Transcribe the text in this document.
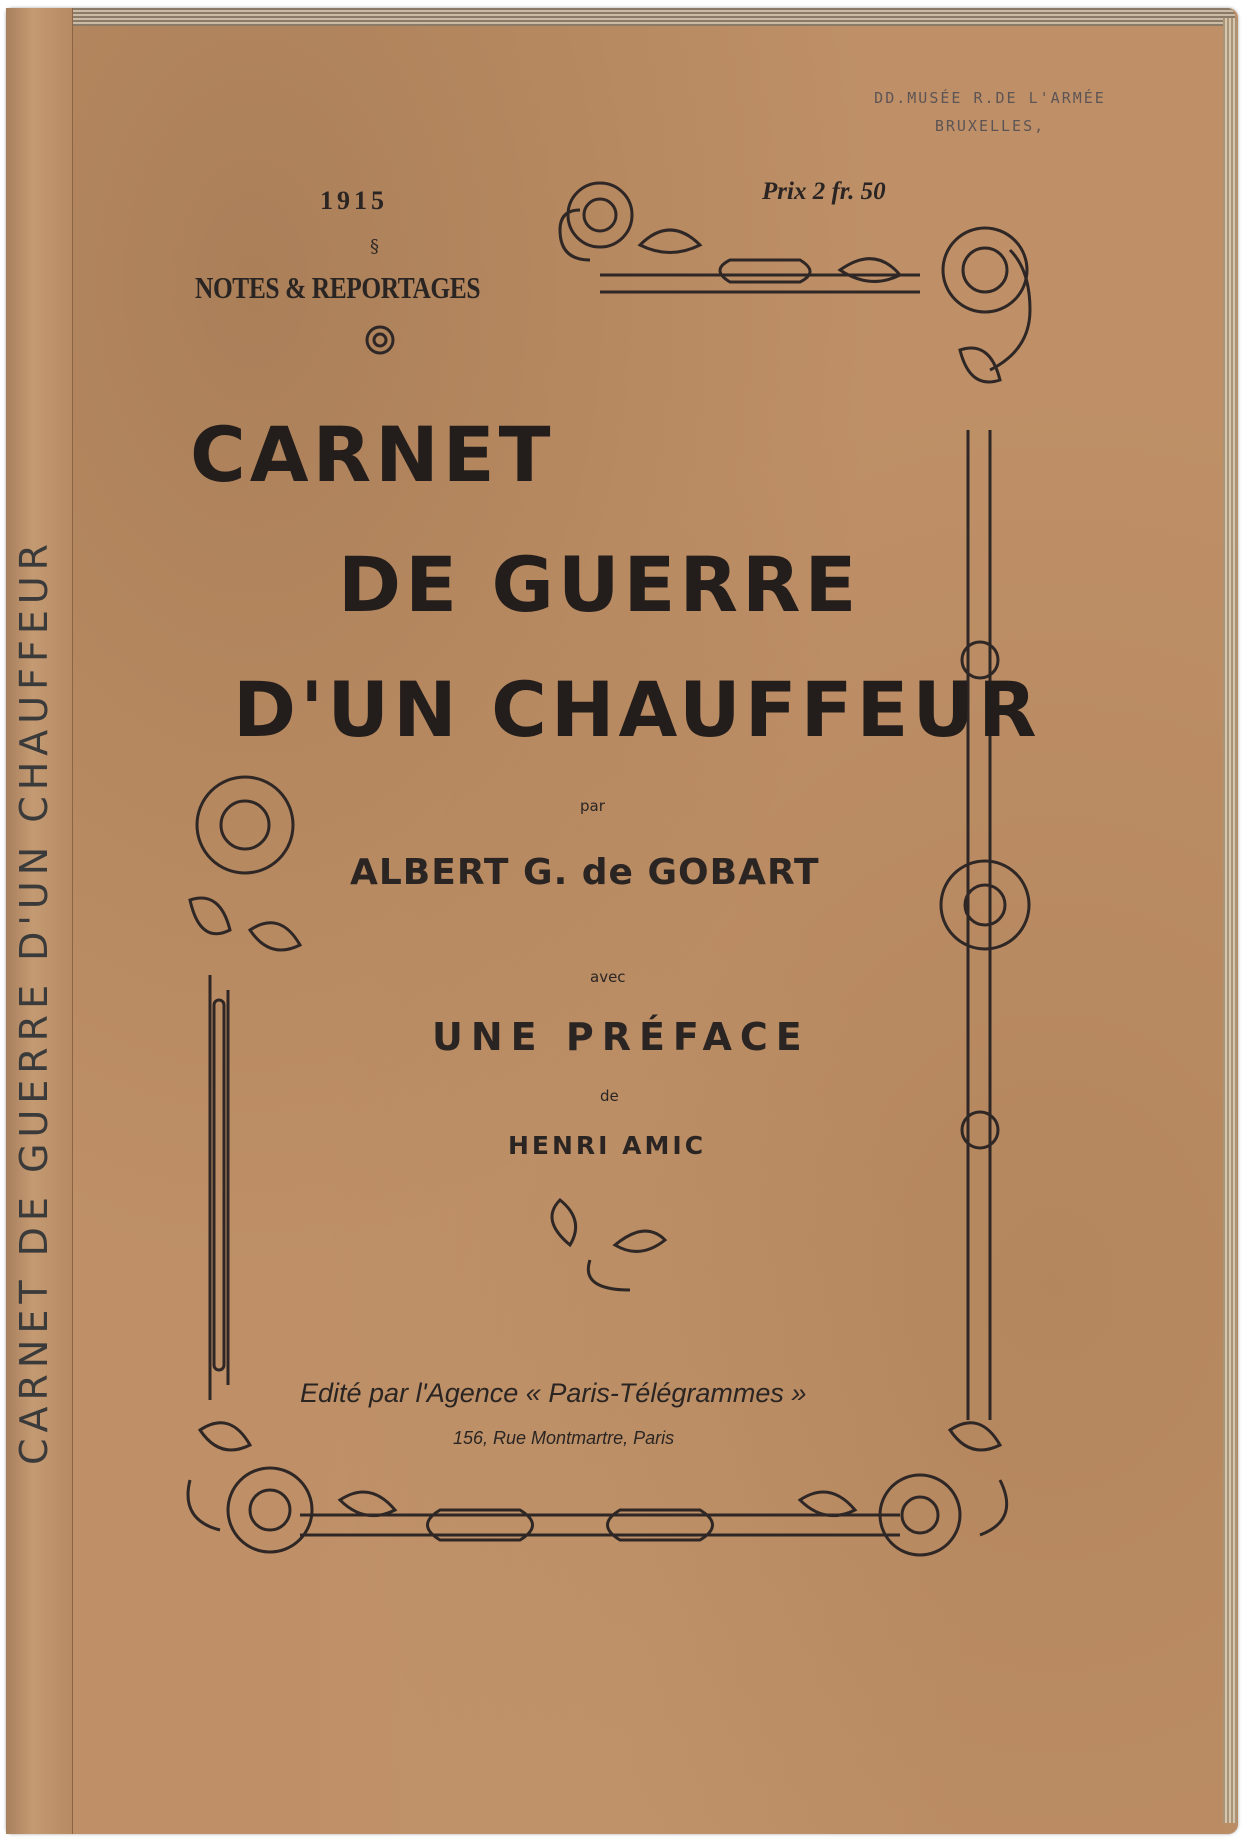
CARNET DE GUERRE D'UN CHAUFFEUR
§
DD.MUSÉE R.DE L'ARMÉE
BRUXELLES,
1915	Prix 2 fr. 50
NOTES & REPORTAGES
CARNET
DE GUERRE
D'UN CHAUFFEUR
par
ALBERT G. de GOBART
avec
UNE PRÉFACE
de
HENRI AMIC
Edité par l'Agence « Paris-Télégrammes »
156, Rue Montmartre, Paris
